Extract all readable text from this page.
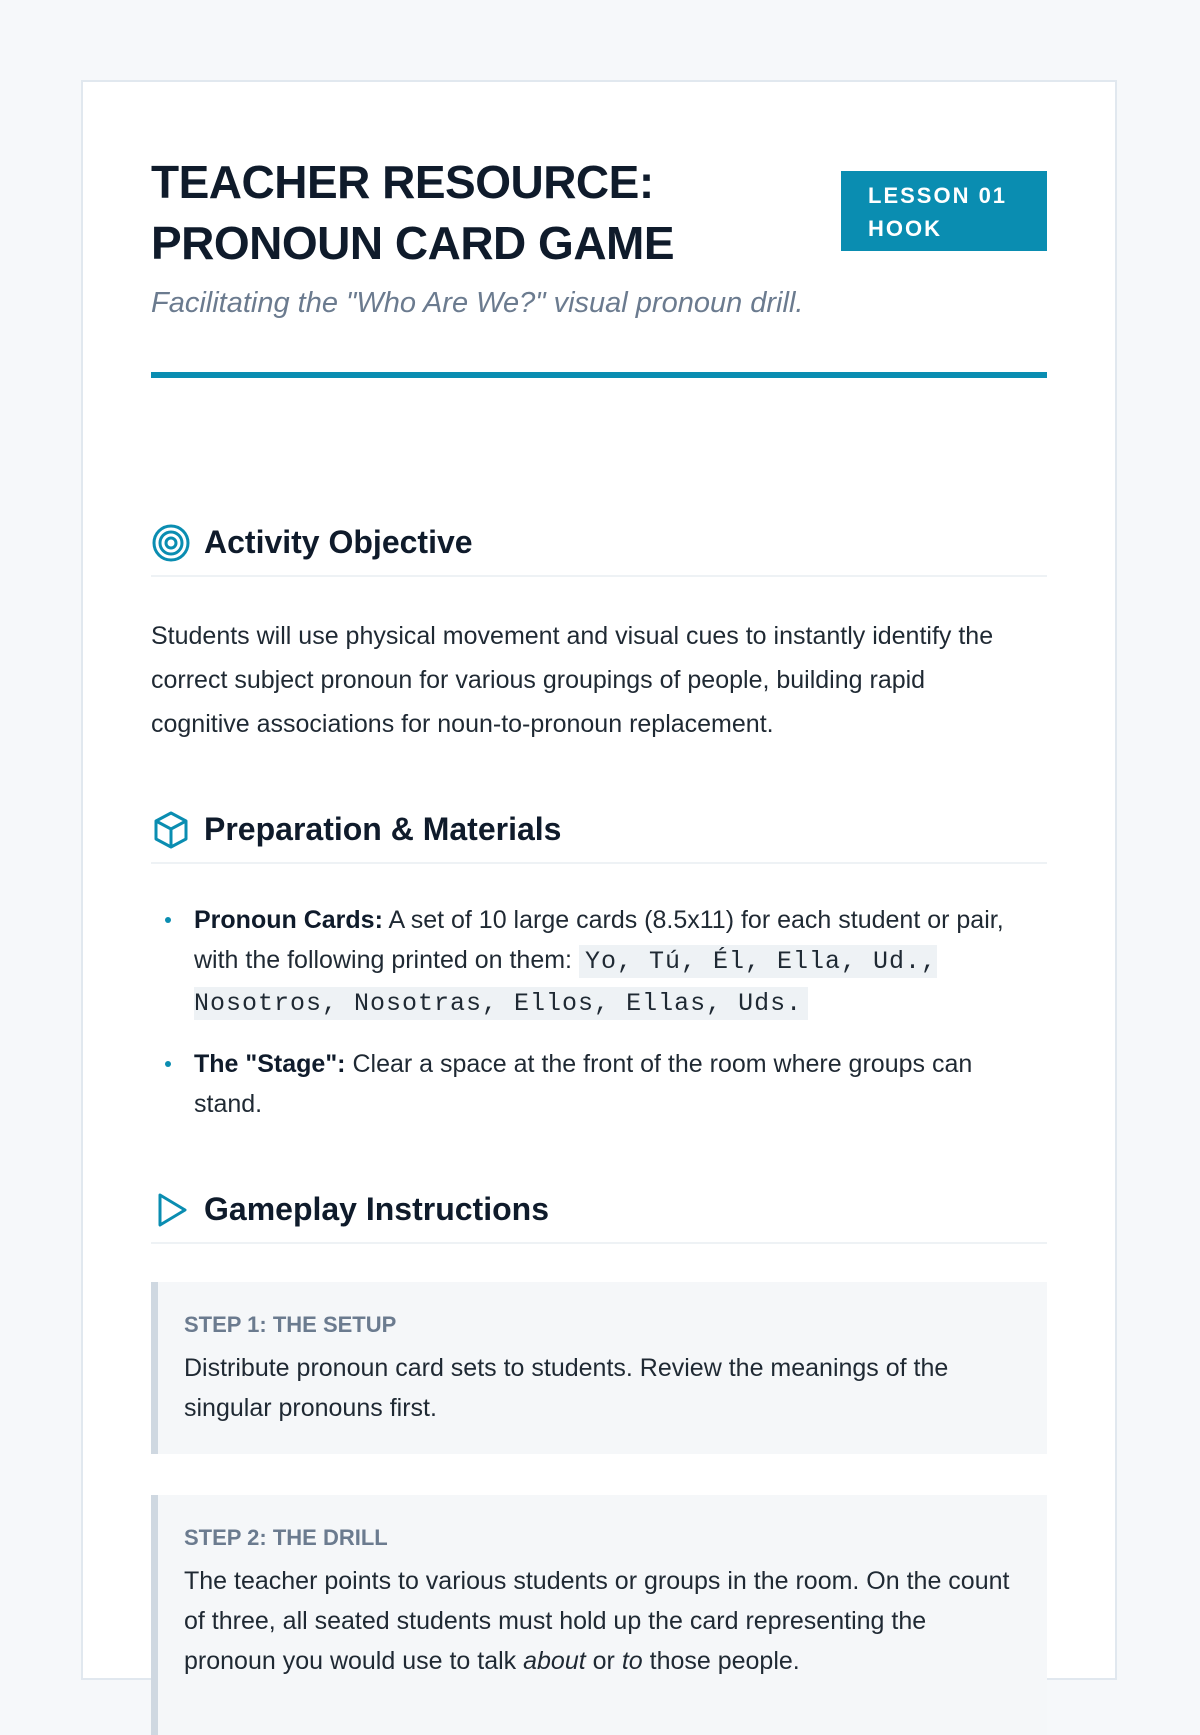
TEACHER RESOURCE:
PRONOUN CARD GAME
LESSON 01
HOOK

Facilitating the "Who Are We?" visual pronoun drill.

Activity Objective

Students will use physical movement and visual cues to instantly identify the correct subject pronoun for various groupings of people, building rapid cognitive associations for noun-to-pronoun replacement.

Preparation & Materials
Pronoun Cards: A set of 10 large cards (8.5x11) for each student or pair, with the following printed on them: Yo, Tú, Él, Ella, Ud., Nosotros, Nosotras, Ellos, Ellas, Uds.
The "Stage": Clear a space at the front of the room where groups can stand.
Gameplay Instructions

STEP 1: THE SETUP

Distribute pronoun card sets to students. Review the meanings of the singular pronouns first.

STEP 2: THE DRILL

The teacher points to various students or groups in the room. On the count of three, all seated students must hold up the card representing the pronoun you would use to talk about or to those people.
